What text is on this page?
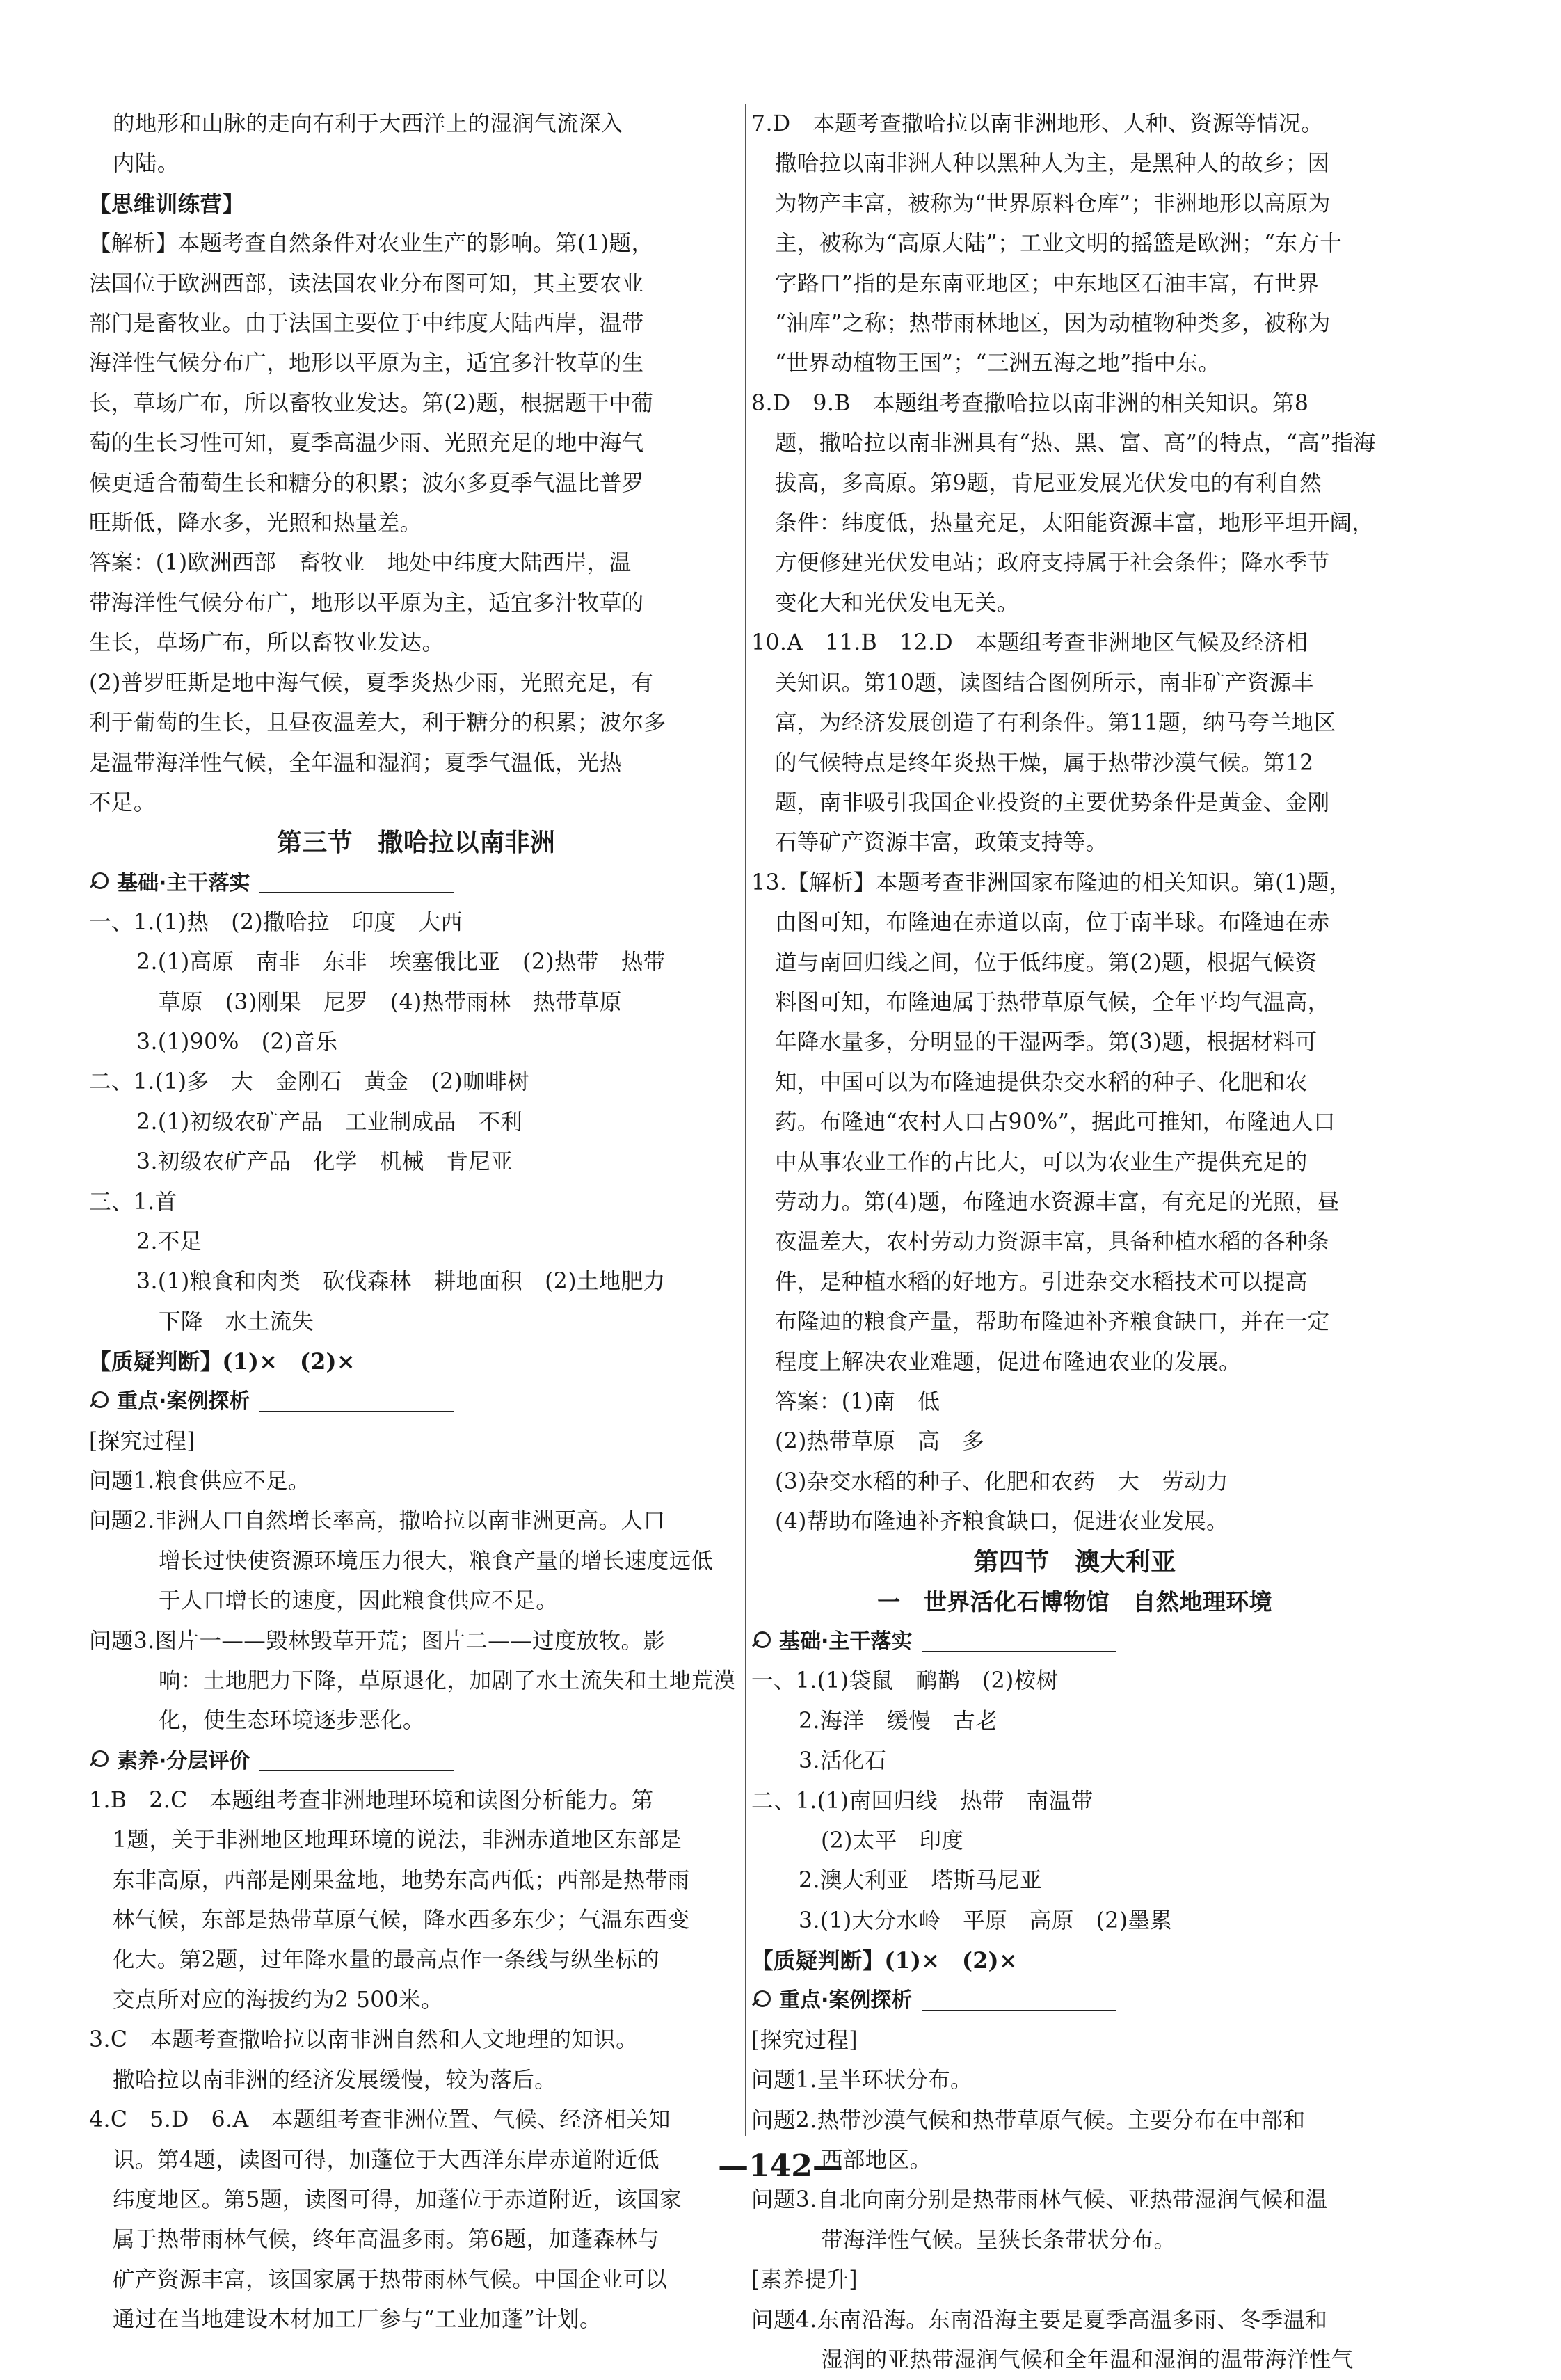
的地形和山脉的走向有利于大西洋上的湿润气流深入
内陆。
【思维训练营】
【解析】本题考查自然条件对农业生产的影响。第(1)题，
法国位于欧洲西部，读法国农业分布图可知，其主要农业
部门是畜牧业。由于法国主要位于中纬度大陆西岸，温带
海洋性气候分布广，地形以平原为主，适宜多汁牧草的生
长，草场广布，所以畜牧业发达。第(2)题，根据题干中葡
萄的生长习性可知，夏季高温少雨、光照充足的地中海气
候更适合葡萄生长和糖分的积累；波尔多夏季气温比普罗
旺斯低，降水多，光照和热量差。
答案：(1)欧洲西部　畜牧业　地处中纬度大陆西岸，温
带海洋性气候分布广，地形以平原为主，适宜多汁牧草的
生长，草场广布，所以畜牧业发达。
(2)普罗旺斯是地中海气候，夏季炎热少雨，光照充足，有
利于葡萄的生长，且昼夜温差大，利于糖分的积累；波尔多
是温带海洋性气候，全年温和湿润；夏季气温低，光热
不足。
第三节　撒哈拉以南非洲
基础·主干落实
一、1.(1)热　(2)撒哈拉　印度　大西
2.(1)高原　南非　东非　埃塞俄比亚　(2)热带　热带
草原　(3)刚果　尼罗　(4)热带雨林　热带草原
3.(1)90%　(2)音乐
二、1.(1)多　大　金刚石　黄金　(2)咖啡树
2.(1)初级农矿产品　工业制成品　不利
3.初级农矿产品　化学　机械　肯尼亚
三、1.首
2.不足
3.(1)粮食和肉类　砍伐森林　耕地面积　(2)土地肥力
下降　水土流失
【质疑判断】(1)×　(2)×
重点·案例探析
[探究过程]
问题1.粮食供应不足。
问题2.非洲人口自然增长率高，撒哈拉以南非洲更高。人口
增长过快使资源环境压力很大，粮食产量的增长速度远低
于人口增长的速度，因此粮食供应不足。
问题3.图片一——毁林毁草开荒；图片二——过度放牧。影
响：土地肥力下降，草原退化，加剧了水土流失和土地荒漠
化，使生态环境逐步恶化。
素养·分层评价
1.B　2.C　本题组考查非洲地理环境和读图分析能力。第
1题，关于非洲地区地理环境的说法，非洲赤道地区东部是
东非高原，西部是刚果盆地，地势东高西低；西部是热带雨
林气候，东部是热带草原气候，降水西多东少；气温东西变
化大。第2题，过年降水量的最高点作一条线与纵坐标的
交点所对应的海拔约为2 500米。
3.C　本题考查撒哈拉以南非洲自然和人文地理的知识。
撒哈拉以南非洲的经济发展缓慢，较为落后。
4.C　5.D　6.A　本题组考查非洲位置、气候、经济相关知
识。第4题，读图可得，加蓬位于大西洋东岸赤道附近低
纬度地区。第5题，读图可得，加蓬位于赤道附近，该国家
属于热带雨林气候，终年高温多雨。第6题，加蓬森林与
矿产资源丰富，该国家属于热带雨林气候。中国企业可以
通过在当地建设木材加工厂参与“工业加蓬”计划。
7.D　本题考查撒哈拉以南非洲地形、人种、资源等情况。
撒哈拉以南非洲人种以黑种人为主，是黑种人的故乡；因
为物产丰富，被称为“世界原料仓库”；非洲地形以高原为
主，被称为“高原大陆”；工业文明的摇篮是欧洲；“东方十
字路口”指的是东南亚地区；中东地区石油丰富，有世界
“油库”之称；热带雨林地区，因为动植物种类多，被称为
“世界动植物王国”；“三洲五海之地”指中东。
8.D　9.B　本题组考查撒哈拉以南非洲的相关知识。第8
题，撒哈拉以南非洲具有“热、黑、富、高”的特点，“高”指海
拔高，多高原。第9题，肯尼亚发展光伏发电的有利自然
条件：纬度低，热量充足，太阳能资源丰富，地形平坦开阔，
方便修建光伏发电站；政府支持属于社会条件；降水季节
变化大和光伏发电无关。
10.A　11.B　12.D　本题组考查非洲地区气候及经济相
关知识。第10题，读图结合图例所示，南非矿产资源丰
富，为经济发展创造了有利条件。第11题，纳马夸兰地区
的气候特点是终年炎热干燥，属于热带沙漠气候。第12
题，南非吸引我国企业投资的主要优势条件是黄金、金刚
石等矿产资源丰富，政策支持等。
13.【解析】本题考查非洲国家布隆迪的相关知识。第(1)题，
由图可知，布隆迪在赤道以南，位于南半球。布隆迪在赤
道与南回归线之间，位于低纬度。第(2)题，根据气候资
料图可知，布隆迪属于热带草原气候，全年平均气温高，
年降水量多，分明显的干湿两季。第(3)题，根据材料可
知，中国可以为布隆迪提供杂交水稻的种子、化肥和农
药。布隆迪“农村人口占90%”，据此可推知，布隆迪人口
中从事农业工作的占比大，可以为农业生产提供充足的
劳动力。第(4)题，布隆迪水资源丰富，有充足的光照，昼
夜温差大，农村劳动力资源丰富，具备种植水稻的各种条
件，是种植水稻的好地方。引进杂交水稻技术可以提高
布隆迪的粮食产量，帮助布隆迪补齐粮食缺口，并在一定
程度上解决农业难题，促进布隆迪农业的发展。
答案：(1)南　低
(2)热带草原　高　多
(3)杂交水稻的种子、化肥和农药　大　劳动力
(4)帮助布隆迪补齐粮食缺口，促进农业发展。
第四节　澳大利亚
一　世界活化石博物馆　自然地理环境
基础·主干落实
一、1.(1)袋鼠　鸸鹋　(2)桉树
2.海洋　缓慢　古老
3.活化石
二、1.(1)南回归线　热带　南温带
(2)太平　印度
2.澳大利亚　塔斯马尼亚
3.(1)大分水岭　平原　高原　(2)墨累
【质疑判断】(1)×　(2)×
重点·案例探析
[探究过程]
问题1.呈半环状分布。
问题2.热带沙漠气候和热带草原气候。主要分布在中部和
西部地区。
问题3.自北向南分别是热带雨林气候、亚热带湿润气候和温
带海洋性气候。呈狭长条带状分布。
[素养提升]
问题4.东南沿海。东南沿海主要是夏季高温多雨、冬季温和
湿润的亚热带湿润气候和全年温和湿润的温带海洋性气
—142—
